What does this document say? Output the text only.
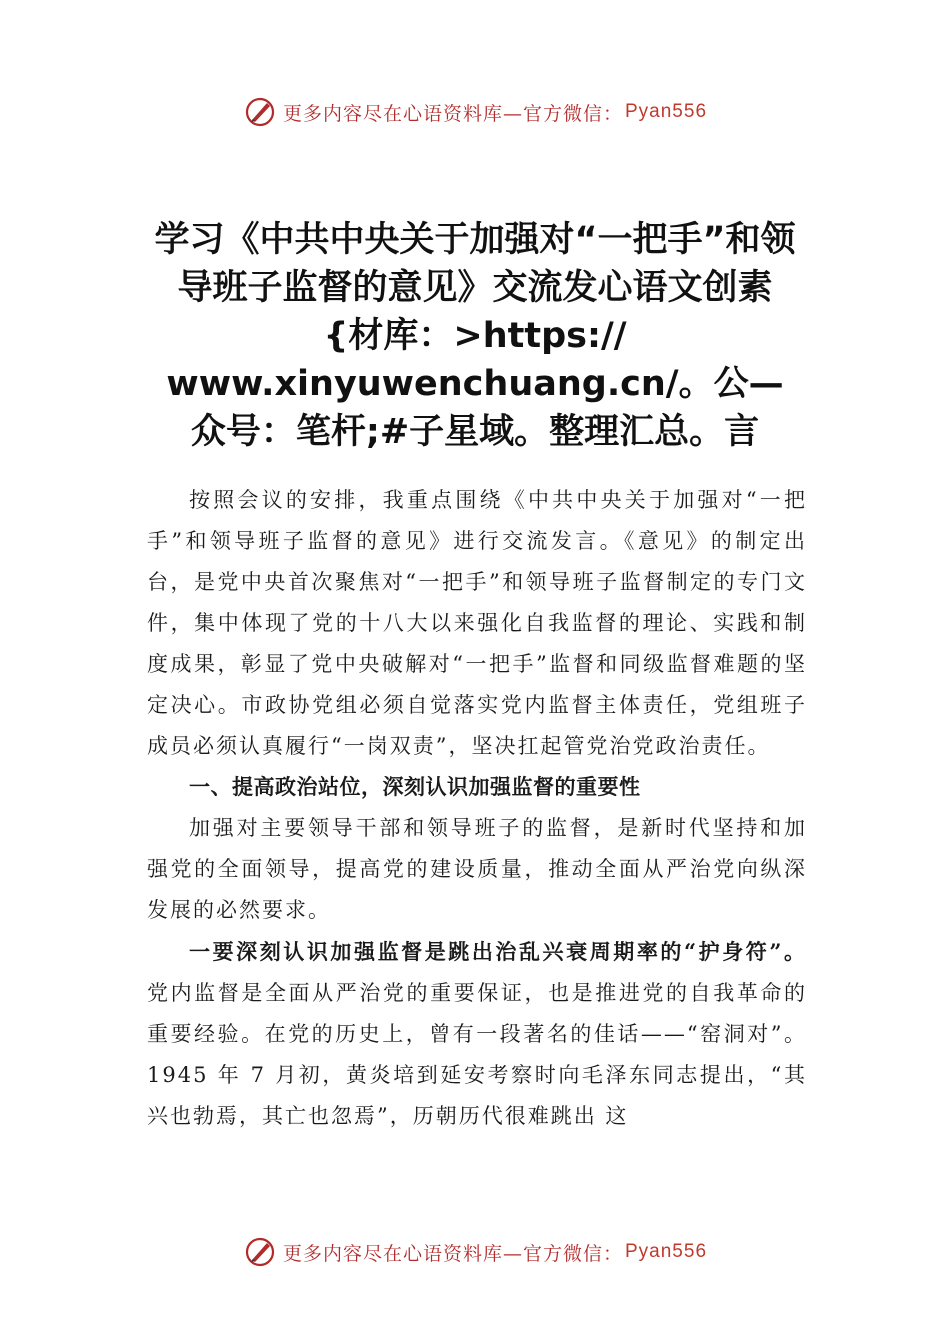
更多内容尽在心语资料库—官方微信： Pyan556
学习《中共中央关于加强对“一把手”和领
导班子监督的意见》交流发心语文创素
{材库：>https://
www.xinyuwenchuang.cn/。公—
众号：笔杆;#子星域。整理汇总。言

按照会议的安排，我重点围绕《中共中央关于加强对“一把手”和领导班子监督的意见》进行交流发言。《意见》的制定出台，是党中央首次聚焦对“一把手”和领导班子监督制定的专门文件，集中体现了党的十八大以来强化自我监督的理论、实践和制度成果，彰显了党中央破解对“一把手”监督和同级监督难题的坚定决心。市政协党组必须自觉落实党内监督主体责任，党组班子成员必须认真履行“一岗双责”，坚决扛起管党治党政治责任。

一、提高政治站位，深刻认识加强监督的重要性

加强对主要领导干部和领导班子的监督，是新时代坚持和加强党的全面领导，提高党的建设质量，推动全面从严治党向纵深发展的必然要求。

一要深刻认识加强监督是跳出治乱兴衰周期率的“护身符”。党内监督是全面从严治党的重要保证，也是推进党的自我革命的重要经验。在党的历史上，曾有一段著名的佳话——“窑洞对”。1945 年 7 月初，黄炎培到延安考察时向毛泽东同志提出，“其兴也勃焉，其亡也忽焉”，历朝历代很难跳出 这

更多内容尽在心语资料库—官方微信： Pyan556
